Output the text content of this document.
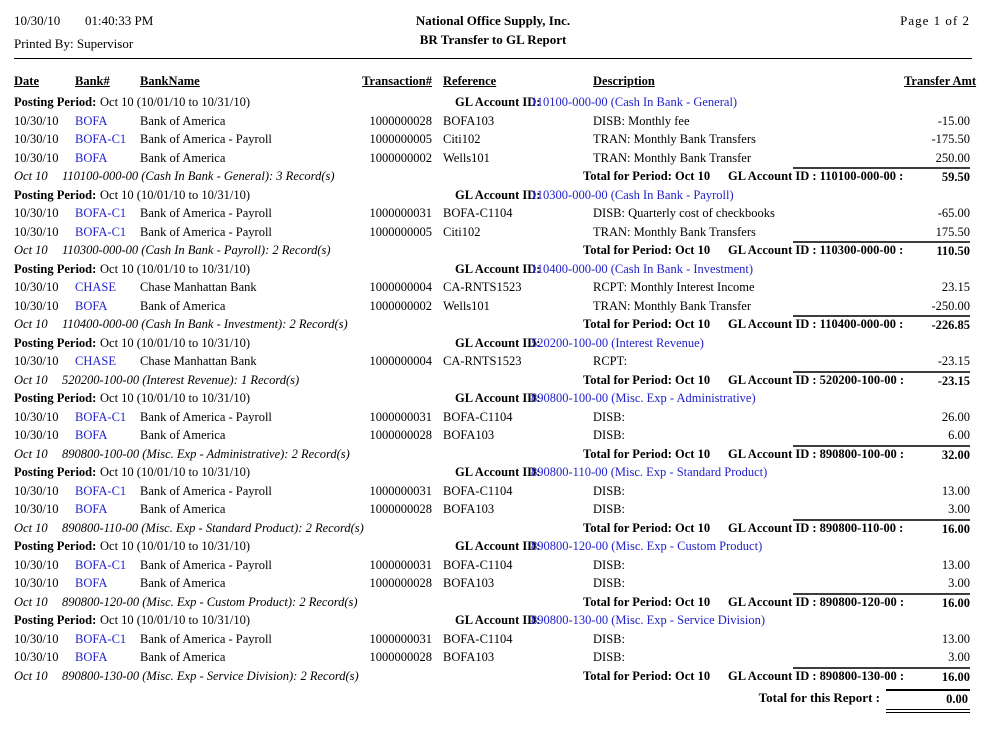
10/30/10 01:40:33 PM
Printed By: Supervisor
National Office Supply, Inc.
BR Transfer to GL Report
Page 1 of 2
Date	Bank#	BankName	Transaction# Reference	Description	Transfer Amt
Posting Period: Oct 10 (10/01/10 to 10/31/10)	GL Account ID:
110100-000-00 (Cash In Bank - General)
10/30/10	BOFA	Bank of America	1000000028 BOFA103	DISB: Monthly fee	-15.00
10/30/10	BOFA-C1	Bank of America - Payroll	1000000005 Citi102	TRAN: Monthly Bank Transfers	-175.50
10/30/10	BOFA	Bank of America	1000000002 Wells101	TRAN: Monthly Bank Transfer	250.00
Oct 10 110100-000-00 (Cash In Bank - General): 3 Record(s)	Total for Period: Oct 10 GL Account ID : 110100-000-00 :	59.50
Posting Period: Oct 10 (10/01/10 to 10/31/10)	GL Account ID:
110300-000-00 (Cash In Bank - Payroll)
10/30/10	BOFA-C1	Bank of America - Payroll	1000000031 BOFA-C1104	DISB: Quarterly cost of checkbooks	-65.00
10/30/10	BOFA-C1	Bank of America - Payroll	1000000005 Citi102	TRAN: Monthly Bank Transfers	175.50
Oct 10 110300-000-00 (Cash In Bank - Payroll): 2 Record(s)	Total for Period: Oct 10 GL Account ID : 110300-000-00 :	110.50
Posting Period: Oct 10 (10/01/10 to 10/31/10)	GL Account ID:
110400-000-00 (Cash In Bank - Investment)
10/30/10	CHASE	Chase Manhattan Bank	1000000004 CA-RNTS1523	RCPT: Monthly Interest Income	23.15
10/30/10	BOFA	Bank of America	1000000002 Wells101	TRAN: Monthly Bank Transfer	-250.00
Oct 10 110400-000-00 (Cash In Bank - Investment): 2 Record(s)	Total for Period: Oct 10 GL Account ID : 110400-000-00 :	-226.85
Posting Period: Oct 10 (10/01/10 to 10/31/10)	GL Account ID:
520200-100-00 (Interest Revenue)
10/30/10	CHASE	Chase Manhattan Bank	1000000004 CA-RNTS1523	RCPT:	-23.15
Oct 10 520200-100-00 (Interest Revenue): 1 Record(s)	Total for Period: Oct 10 GL Account ID : 520200-100-00 :	-23.15
Posting Period: Oct 10 (10/01/10 to 10/31/10)	GL Account ID:
890800-100-00 (Misc. Exp - Administrative)
10/30/10	BOFA-C1	Bank of America - Payroll	1000000031 BOFA-C1104	DISB:	26.00
10/30/10	BOFA	Bank of America	1000000028 BOFA103	DISB:	6.00
Oct 10 890800-100-00 (Misc. Exp - Administrative): 2 Record(s)	Total for Period: Oct 10 GL Account ID : 890800-100-00 :	32.00
Posting Period: Oct 10 (10/01/10 to 10/31/10)	GL Account ID:
890800-110-00 (Misc. Exp - Standard Product)
10/30/10	BOFA-C1	Bank of America - Payroll	1000000031 BOFA-C1104	DISB:	13.00
10/30/10	BOFA	Bank of America	1000000028 BOFA103	DISB:	3.00
Oct 10 890800-110-00 (Misc. Exp - Standard Product): 2 Record(s)	Total for Period: Oct 10 GL Account ID : 890800-110-00 :	16.00
Posting Period: Oct 10 (10/01/10 to 10/31/10)	GL Account ID:
890800-120-00 (Misc. Exp - Custom Product)
10/30/10	BOFA-C1	Bank of America - Payroll	1000000031 BOFA-C1104	DISB:	13.00
10/30/10	BOFA	Bank of America	1000000028 BOFA103	DISB:	3.00
Oct 10 890800-120-00 (Misc. Exp - Custom Product): 2 Record(s)	Total for Period: Oct 10 GL Account ID : 890800-120-00 :	16.00
Posting Period: Oct 10 (10/01/10 to 10/31/10)	GL Account ID:
890800-130-00 (Misc. Exp - Service Division)
10/30/10	BOFA-C1	Bank of America - Payroll	1000000031 BOFA-C1104	DISB:	13.00
10/30/10	BOFA	Bank of America	1000000028 BOFA103	DISB:	3.00
Oct 10 890800-130-00 (Misc. Exp - Service Division): 2 Record(s)	Total for Period: Oct 10 GL Account ID : 890800-130-00 :	16.00
Total for this Report :	0.00
